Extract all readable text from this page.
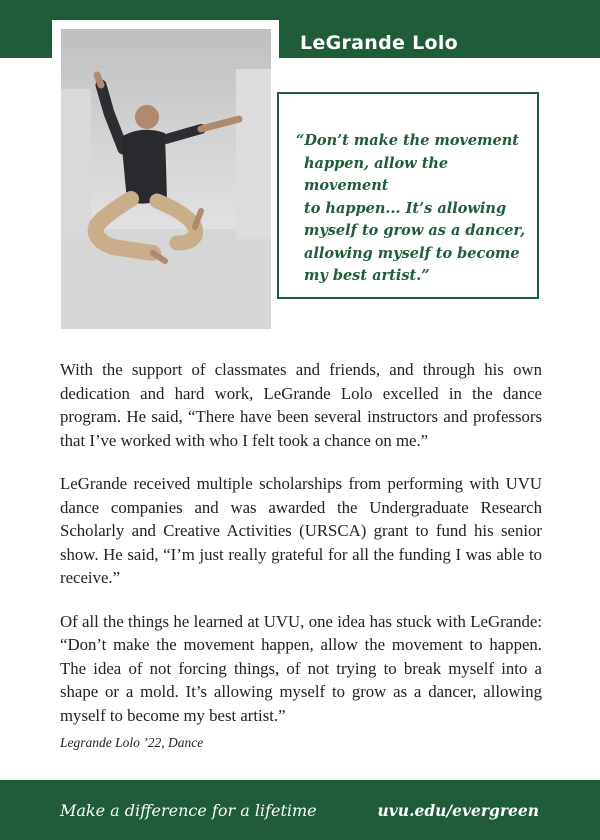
LeGrande Lolo

“Don’t make the movement
happen, allow the movement
to happen... It’s allowing
myself to grow as a dancer,
allowing myself to become
my best artist.”

With the support of classmates and friends, and through his own dedication and hard work, LeGrande Lolo excelled in the dance program. He said, “There have been several instructors and professors that I’ve worked with who I felt took a chance on me.”

LeGrande received multiple scholarships from performing with UVU dance companies and was awarded the Undergraduate Research Scholarly and Creative Activities (URSCA) grant to fund his senior show. He said, “I’m just really grateful for all the funding I was able to receive.”

Of all the things he learned at UVU, one idea has stuck with LeGrande: “Don’t make the movement happen, allow the movement to happen. The idea of not forcing things, of not trying to break myself into a shape or a mold. It’s allowing myself to grow as a dancer, allowing myself to become my best artist.”

Legrande Lolo ’22, Dance
Make a difference for a lifetime	uvu.edu/evergreen
